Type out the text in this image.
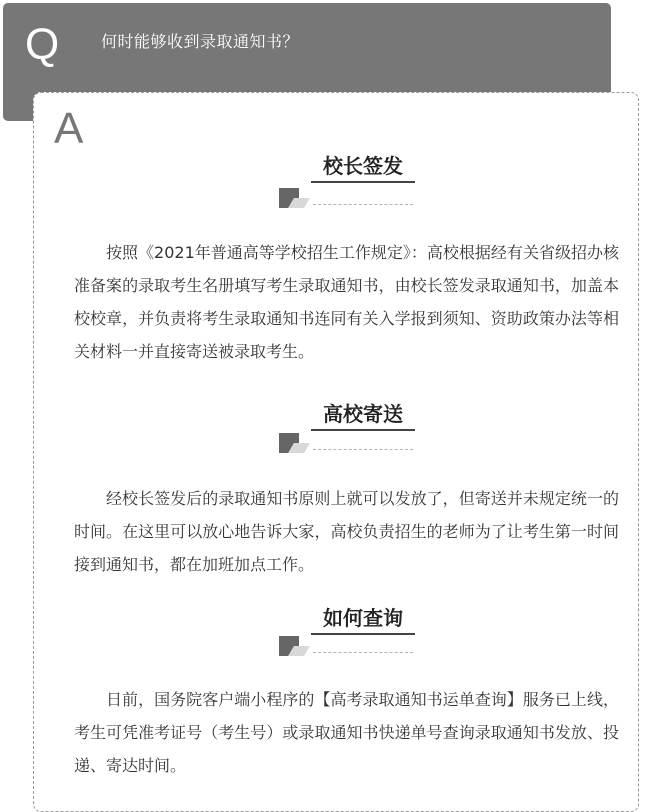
Q	何时能够收到录取通知书？
A
校长签发

按照《2021年普通高等学校招生工作规定》：高校根据经有关省级招办核准备案的录取考生名册填写考生录取通知书，由校长签发录取通知书，加盖本校校章，并负责将考生录取通知书连同有关入学报到须知、资助政策办法等相关材料一并直接寄送被录取考生。

高校寄送

经校长签发后的录取通知书原则上就可以发放了，但寄送并未规定统一的时间。在这里可以放心地告诉大家，高校负责招生的老师为了让考生第一时间接到通知书，都在加班加点工作。

如何查询

日前，国务院客户端小程序的【高考录取通知书运单查询】服务已上线，考生可凭准考证号（考生号）或录取通知书快递单号查询录取通知书发放、投递、寄达时间。
